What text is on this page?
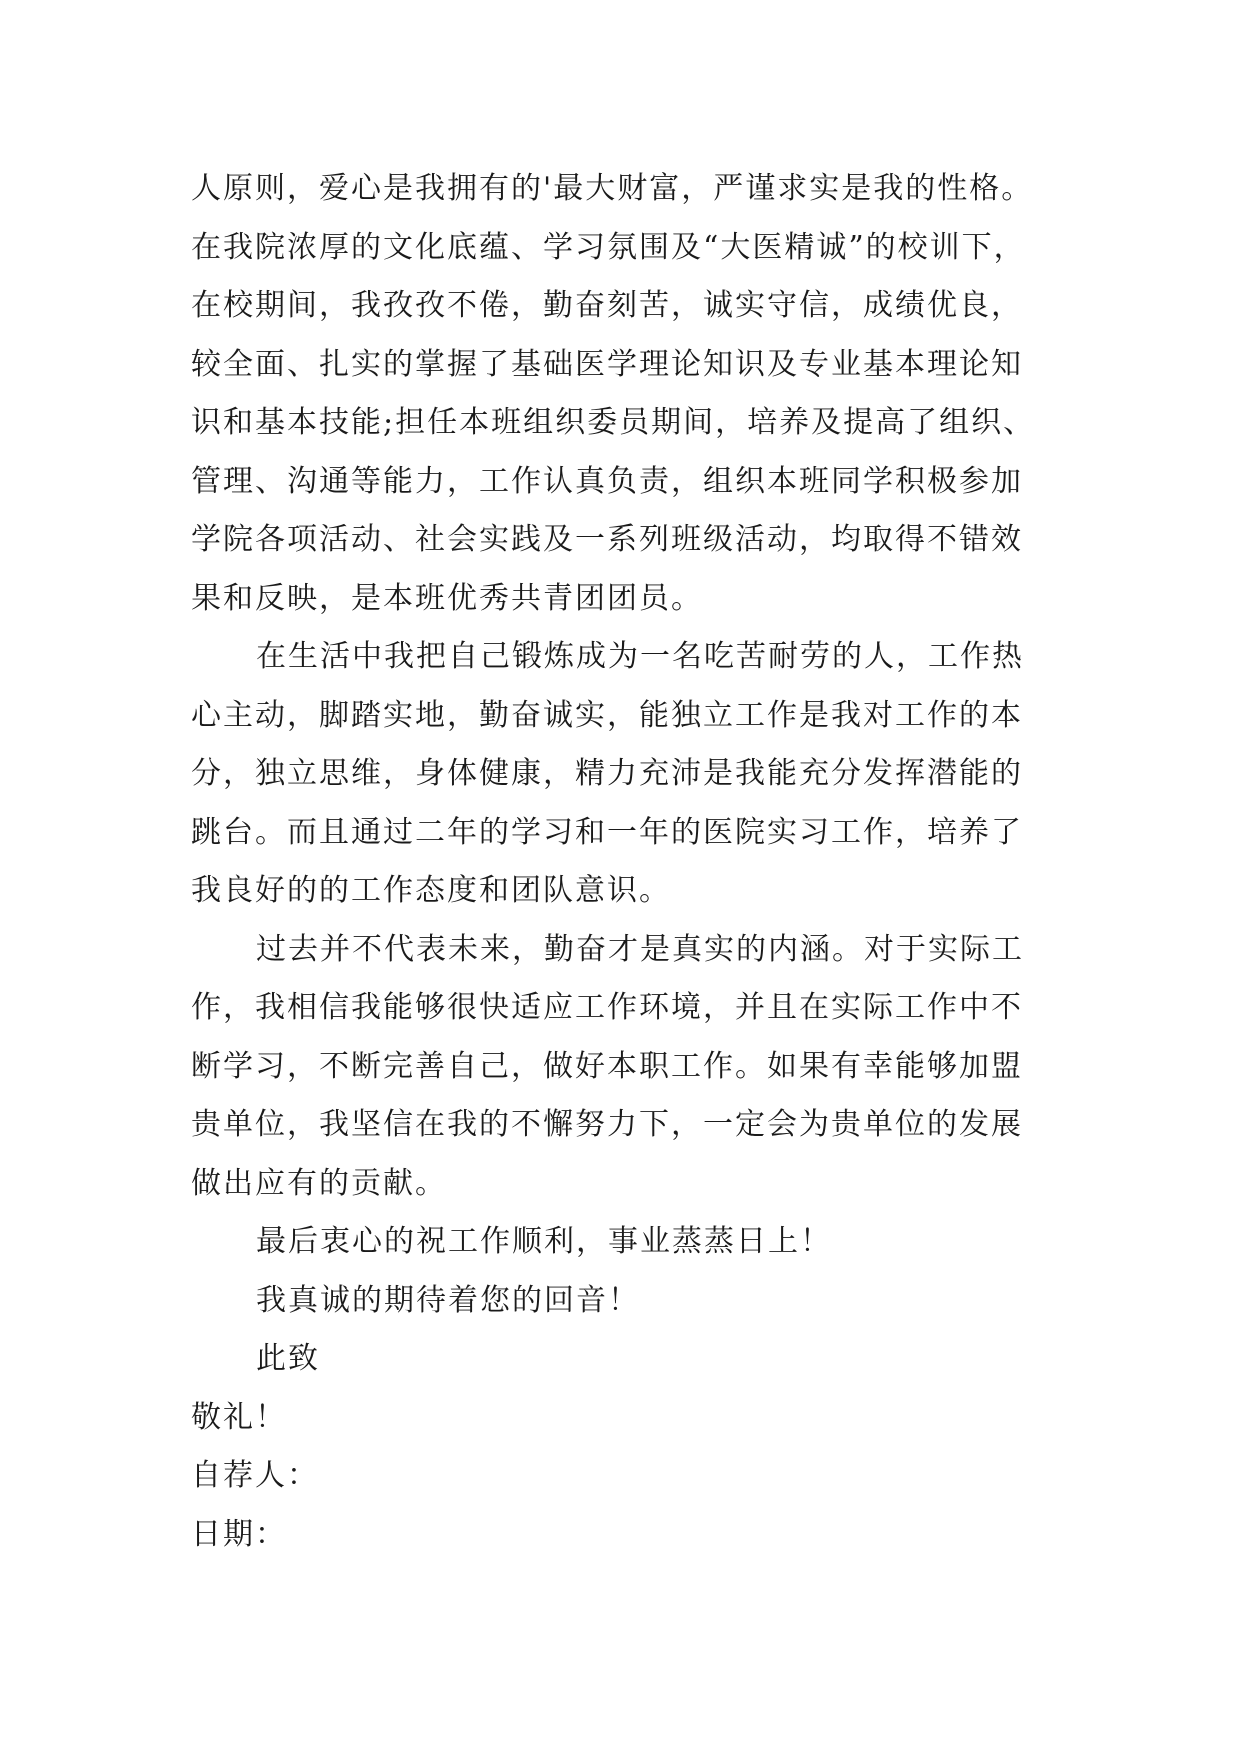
人原则，爱心是我拥有的'最大财富，严谨求实是我的性格。
在我院浓厚的文化底蕴、学习氛围及“大医精诚”的校训下，
在校期间，我孜孜不倦，勤奋刻苦，诚实守信，成绩优良，
较全面、扎实的掌握了基础医学理论知识及专业基本理论知
识和基本技能;担任本班组织委员期间，培养及提高了组织、
管理、沟通等能力，工作认真负责，组织本班同学积极参加
学院各项活动、社会实践及一系列班级活动，均取得不错效
果和反映，是本班优秀共青团团员。
在生活中我把自己锻炼成为一名吃苦耐劳的人，工作热
心主动，脚踏实地，勤奋诚实，能独立工作是我对工作的本
分，独立思维，身体健康，精力充沛是我能充分发挥潜能的
跳台。而且通过二年的学习和一年的医院实习工作，培养了
我良好的的工作态度和团队意识。
过去并不代表未来，勤奋才是真实的内涵。对于实际工
作，我相信我能够很快适应工作环境，并且在实际工作中不
断学习，不断完善自己，做好本职工作。如果有幸能够加盟
贵单位，我坚信在我的不懈努力下，一定会为贵单位的发展
做出应有的贡献。
最后衷心的祝工作顺利，事业蒸蒸日上！
我真诚的期待着您的回音！
此致
敬礼！
自荐人：
日期：
